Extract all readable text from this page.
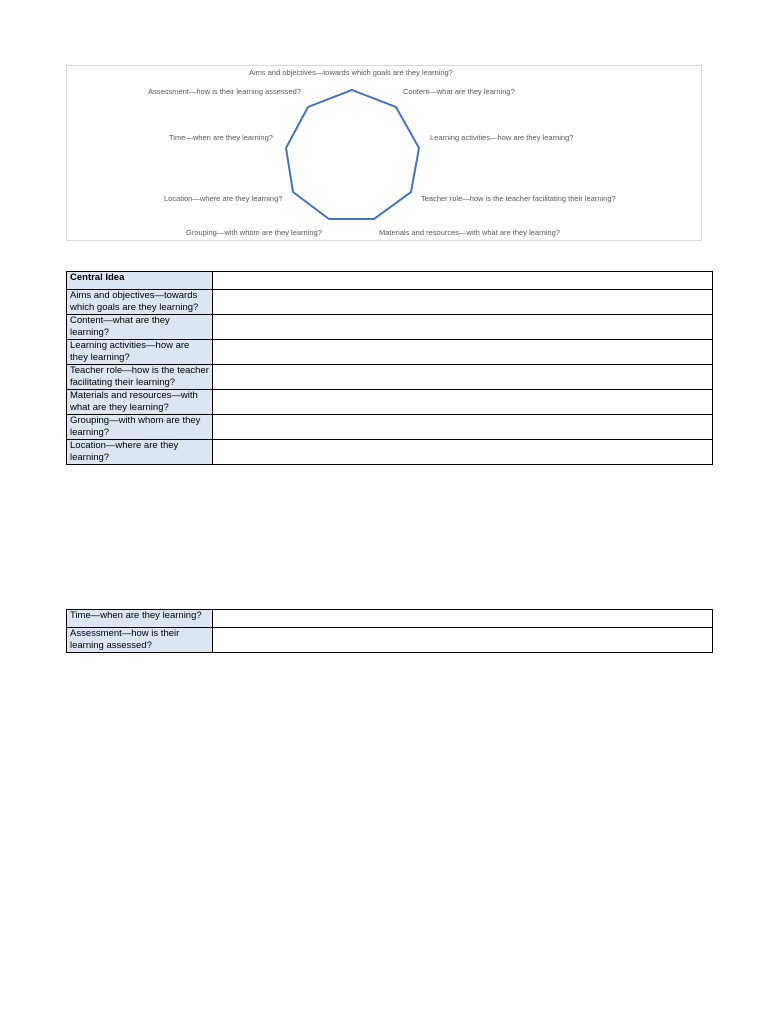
Aims and objectives—towards which goals are they learning?
Assessment—how is their learning assessed?	Content—what are they learning?
Time—when are they learning?	Learning activities—how are they learning?
Location—where are they learning?	Teacher role—how is the teacher facilitating their learning?
Grouping—with whom are they learning?	Materials and resources—with what are they learning?
Central Idea	
Aims and objectives—towards which goals are they learning?	
Content—what are they learning?	
Learning activities—how are they learning?	
Teacher role—how is the teacher facilitating their learning?	
Materials and resources—with what are they learning?	
Grouping—with whom are they learning?	
Location—where are they learning?	
Time—when are they learning?	
Assessment—how is their learning assessed?	
